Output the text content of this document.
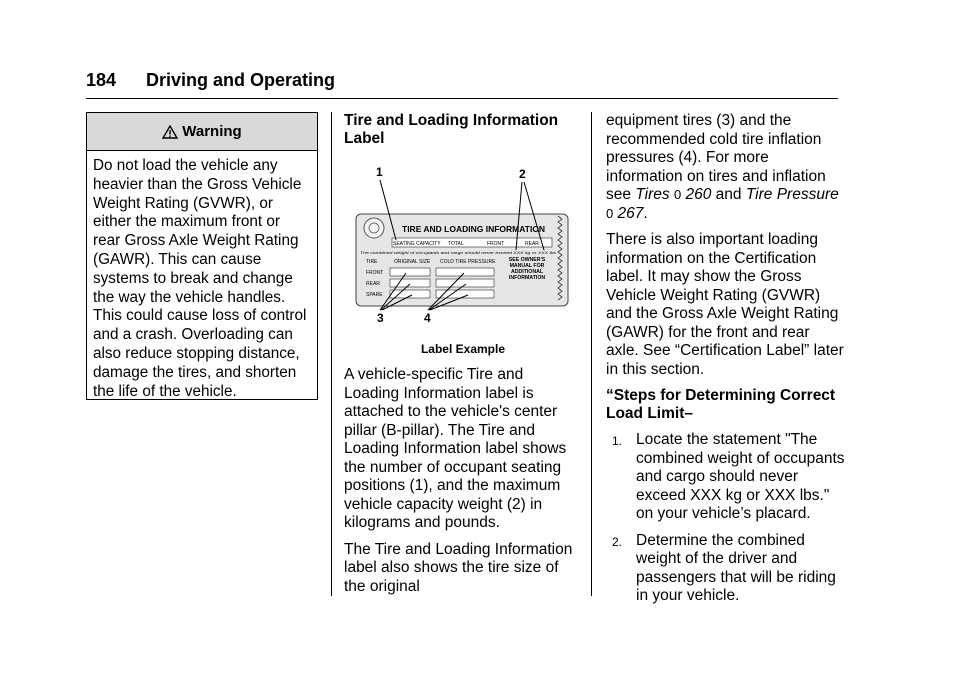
184 Driving and Operating
Warning
Do not load the vehicle any heavier than the Gross Vehicle Weight Rating (GVWR), or either the maximum front or rear Gross Axle Weight Rating (GAWR). This can cause systems to break and change the way the vehicle handles. This could cause loss of control and a crash. Overloading can also reduce stopping distance, damage the tires, and shorten the life of the vehicle.
Tire and Loading Information Label
1	2
3	4
TIRE AND LOADING INFORMATION
SEATING CAPACITY TOTAL	FRONT	REAR
The combined weight of occupants and cargo should never exceed XXX kg or XXX lbs
TIRE	ORIGINAL SIZE COLD TIRE PRESSURE
FRONT
REAR
SPARE
SEE OWNER'S MANUAL FOR ADDITIONAL INFORMATION
Label Example

A vehicle-specific Tire and Loading Information label is attached to the vehicle's center pillar (B-pillar). The Tire and Loading Information label shows the number of occupant seating positions (1), and the maximum vehicle capacity weight (2) in kilograms and pounds.

The Tire and Loading Information label also shows the tire size of the original

equipment tires (3) and the recommended cold tire inflation pressures (4). For more information on tires and inflation see Tires 0 260 and Tire Pressure 0 267.

There is also important loading information on the Certification label. It may show the Gross Vehicle Weight Rating (GVWR) and the Gross Axle Weight Rating (GAWR) for the front and rear axle. See “Certification Label” later in this section.

“Steps for Determining Correct Load Limit–
1. Locate the statement "The combined weight of occupants and cargo should never exceed XXX kg or XXX lbs." on your vehicle’s placard.
2. Determine the combined weight of the driver and passengers that will be riding in your vehicle.
